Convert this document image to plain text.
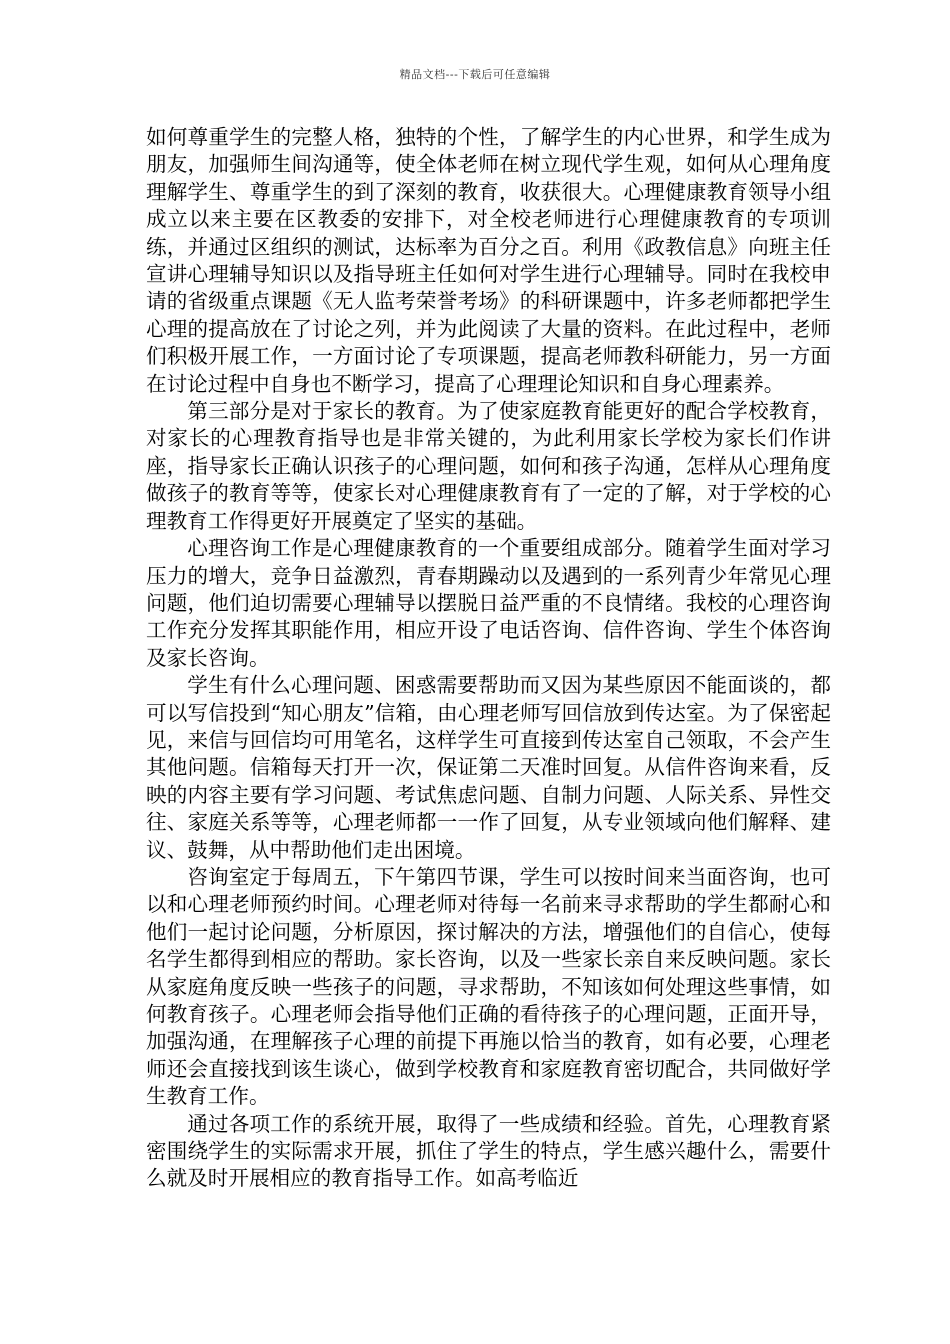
精品文档---下载后可任意编辑

如何尊重学生的完整人格，独特的个性，了解学生的内心世界，和学生成为朋友，加强师生间沟通等，使全体老师在树立现代学生观，如何从心理角度理解学生、尊重学生的到了深刻的教育，收获很大。心理健康教育领导小组成立以来主要在区教委的安排下，对全校老师进行心理健康教育的专项训练，并通过区组织的测试，达标率为百分之百。利用《政教信息》向班主任宣讲心理辅导知识以及指导班主任如何对学生进行心理辅导。同时在我校申请的省级重点课题《无人监考荣誉考场》的科研课题中，许多老师都把学生心理的提高放在了讨论之列，并为此阅读了大量的资料。在此过程中，老师们积极开展工作，一方面讨论了专项课题，提高老师教科研能力，另一方面在讨论过程中自身也不断学习，提高了心理理论知识和自身心理素养。

第三部分是对于家长的教育。为了使家庭教育能更好的配合学校教育，对家长的心理教育指导也是非常关键的，为此利用家长学校为家长们作讲座，指导家长正确认识孩子的心理问题，如何和孩子沟通，怎样从心理角度做孩子的教育等等，使家长对心理健康教育有了一定的了解，对于学校的心理教育工作得更好开展奠定了坚实的基础。

心理咨询工作是心理健康教育的一个重要组成部分。随着学生面对学习压力的增大，竞争日益激烈，青春期躁动以及遇到的一系列青少年常见心理问题，他们迫切需要心理辅导以摆脱日益严重的不良情绪。我校的心理咨询工作充分发挥其职能作用，相应开设了电话咨询、信件咨询、学生个体咨询及家长咨询。

学生有什么心理问题、困惑需要帮助而又因为某些原因不能面谈的，都可以写信投到“知心朋友”信箱，由心理老师写回信放到传达室。为了保密起见，来信与回信均可用笔名，这样学生可直接到传达室自己领取，不会产生其他问题。信箱每天打开一次，保证第二天准时回复。从信件咨询来看，反映的内容主要有学习问题、考试焦虑问题、自制力问题、人际关系、异性交往、家庭关系等等，心理老师都一一作了回复，从专业领域向他们解释、建议、鼓舞，从中帮助他们走出困境。

咨询室定于每周五，下午第四节课，学生可以按时间来当面咨询，也可以和心理老师预约时间。心理老师对待每一名前来寻求帮助的学生都耐心和他们一起讨论问题，分析原因，探讨解决的方法，增强他们的自信心，使每名学生都得到相应的帮助。家长咨询，以及一些家长亲自来反映问题。家长从家庭角度反映一些孩子的问题，寻求帮助，不知该如何处理这些事情，如何教育孩子。心理老师会指导他们正确的看待孩子的心理问题，正面开导，加强沟通，在理解孩子心理的前提下再施以恰当的教育，如有必要，心理老师还会直接找到该生谈心，做到学校教育和家庭教育密切配合，共同做好学生教育工作。

通过各项工作的系统开展，取得了一些成绩和经验。首先，心理教育紧密围绕学生的实际需求开展，抓住了学生的特点，学生感兴趣什么，需要什么就及时开展相应的教育指导工作。如高考临近
